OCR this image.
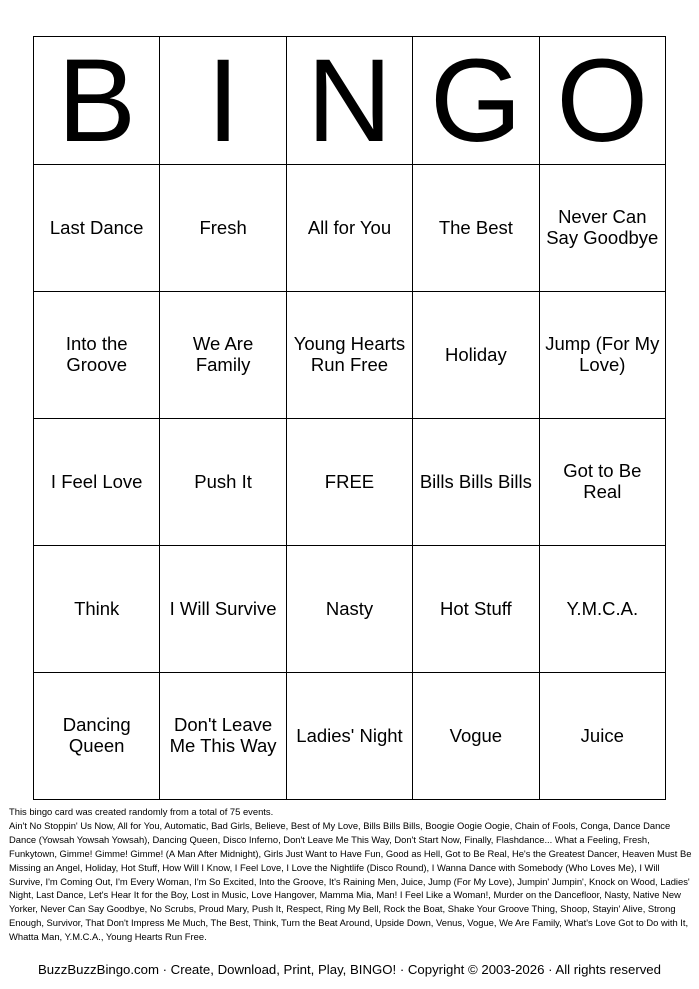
B	I	N	G	O
Last Dance	Fresh	All for You	The Best	Never Can Say Goodbye
Into the Groove	We Are Family	Young Hearts Run Free	Holiday	Jump (For My Love)
I Feel Love	Push It	FREE	Bills Bills Bills	Got to Be Real
Think	I Will Survive	Nasty	Hot Stuff	Y.M.C.A.
Dancing Queen	Don't Leave Me This Way	Ladies' Night	Vogue	Juice

This bingo card was created randomly from a total of 75 events.

Ain't No Stoppin' Us Now, All for You, Automatic, Bad Girls, Believe, Best of My Love, Bills Bills Bills, Boogie Oogie Oogie, Chain of Fools, Conga, Dance Dance Dance (Yowsah Yowsah Yowsah), Dancing Queen, Disco Inferno, Don't Leave Me This Way, Don't Start Now, Finally, Flashdance... What a Feeling, Fresh, Funkytown, Gimme! Gimme! Gimme! (A Man After Midnight), Girls Just Want to Have Fun, Good as Hell, Got to Be Real, He's the Greatest Dancer, Heaven Must Be Missing an Angel, Holiday, Hot Stuff, How Will I Know, I Feel Love, I Love the Nightlife (Disco Round), I Wanna Dance with Somebody (Who Loves Me), I Will Survive, I'm Coming Out, I'm Every Woman, I'm So Excited, Into the Groove, It's Raining Men, Juice, Jump (For My Love), Jumpin' Jumpin', Knock on Wood, Ladies' Night, Last Dance, Let's Hear It for the Boy, Lost in Music, Love Hangover, Mamma Mia, Man! I Feel Like a Woman!, Murder on the Dancefloor, Nasty, Native New Yorker, Never Can Say Goodbye, No Scrubs, Proud Mary, Push It, Respect, Ring My Bell, Rock the Boat, Shake Your Groove Thing, Shoop, Stayin' Alive, Strong Enough, Survivor, That Don't Impress Me Much, The Best, Think, Turn the Beat Around, Upside Down, Venus, Vogue, We Are Family, What's Love Got to Do with It, Whatta Man, Y.M.C.A., Young Hearts Run Free.

BuzzBuzzBingo.com · Create, Download, Print, Play, BINGO! · Copyright © 2003-2026 · All rights reserved
